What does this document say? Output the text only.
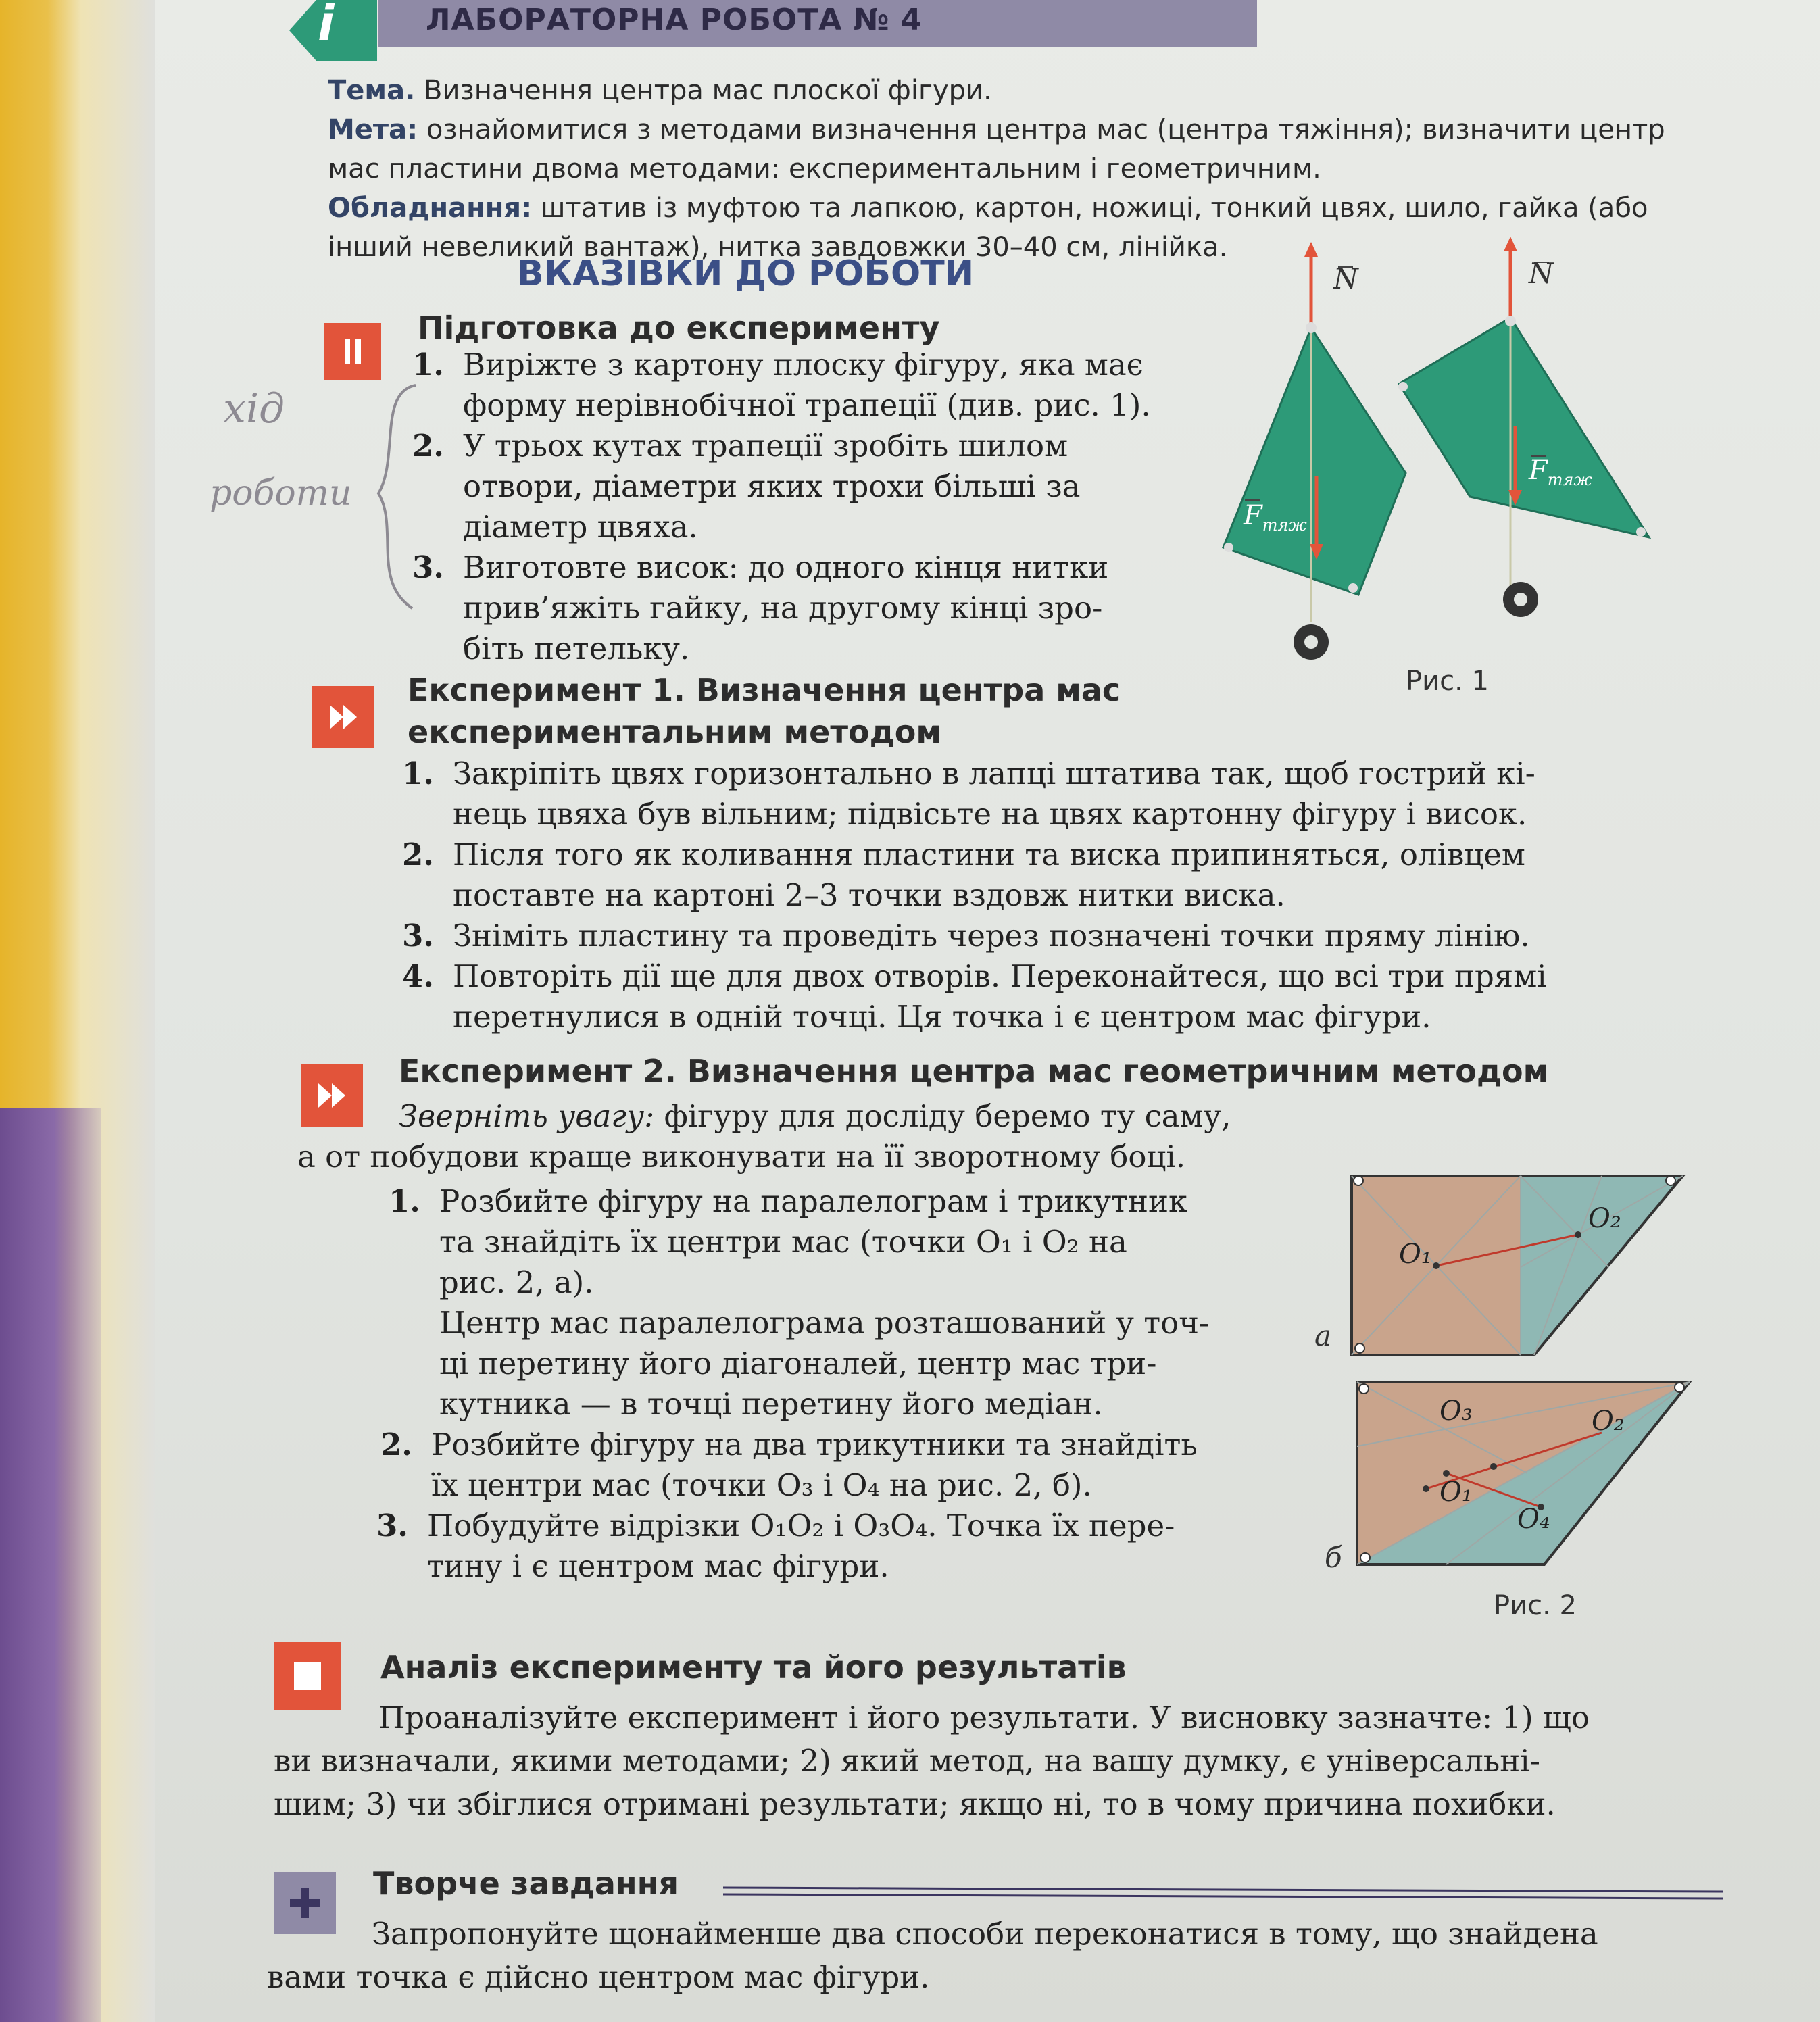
i	ЛАБОРАТОРНА РОБОТА № 4
Тема. Визначення центра мас плоскої фігури.
Мета: ознайомитися з методами визначення центра мас (центра тяжіння); визначити центр
мас пластини двома методами: експериментальним і геометричним.
Обладнання: штатив із муфтою та лапкою, картон, ножиці, тонкий цвях, шило, гайка (або
інший невеликий вантаж), нитка завдовжки 30–40 см, лінійка.
ВКАЗІВКИ ДО РОБОТИ
Підготовка до експерименту
хід
роботи
1. Виріжте з картону плоску фігуру, яка має
форму нерівнобічної трапеції (див. рис. 1).
2. У трьох кутах трапеції зробіть шилом
отвори, діаметри яких трохи більші за
діаметр цвяха.
3. Виготовте висок: до одного кінця нитки
прив’яжіть гайку, на другому кінці зро-
біть петельку.
N	N
$F_{тяж}$
$F_{тяж}$
Рис. 1
Експеримент 1. Визначення центра мас
експериментальним методом
1. Закріпіть цвях горизонтально в лапці штатива так, щоб гострий кі-
нець цвяха був вільним; підвісьте на цвях картонну фігуру і висок.
2. Після того як коливання пластини та виска припиняться, олівцем
поставте на картоні 2–3 точки вздовж нитки виска.
3. Зніміть пластину та проведіть через позначені точки пряму лінію.
4. Повторіть дії ще для двох отворів. Переконайтеся, що всі три прямі
перетнулися в одній точці. Ця точка і є центром мас фігури.
Експеримент 2. Визначення центра мас геометричним методом
Зверніть увагу: фігуру для досліду беремо ту саму,
а от побудови краще виконувати на її зворотному боці.
1. Розбийте фігуру на паралелограм і трикутник
та знайдіть їх центри мас (точки O₁ і O₂ на
рис. 2, а).
Центр мас паралелограма розташований у точ-
ці перетину його діагоналей, центр мас три-
кутника — в точці перетину його медіан.
2. Розбийте фігуру на два трикутники та знайдіть
їх центри мас (точки O₃ і O₄ на рис. 2, б).
3. Побудуйте відрізки O₁O₂ і O₃O₄. Точка їх пере-
тину і є центром мас фігури.
O₁
O₂
O₃	O₂
O₁
O₄
а
б
Рис. 2
Аналіз експерименту та його результатів
Проаналізуйте експеримент і його результати. У висновку зазначте: 1) що
ви визначали, якими методами; 2) який метод, на вашу думку, є універсальні-
шим; 3) чи збіглися отримані результати; якщо ні, то в чому причина похибки.
Творче завдання
Запропонуйте щонайменше два способи переконатися в тому, що знайдена
вами точка є дійсно центром мас фігури.
